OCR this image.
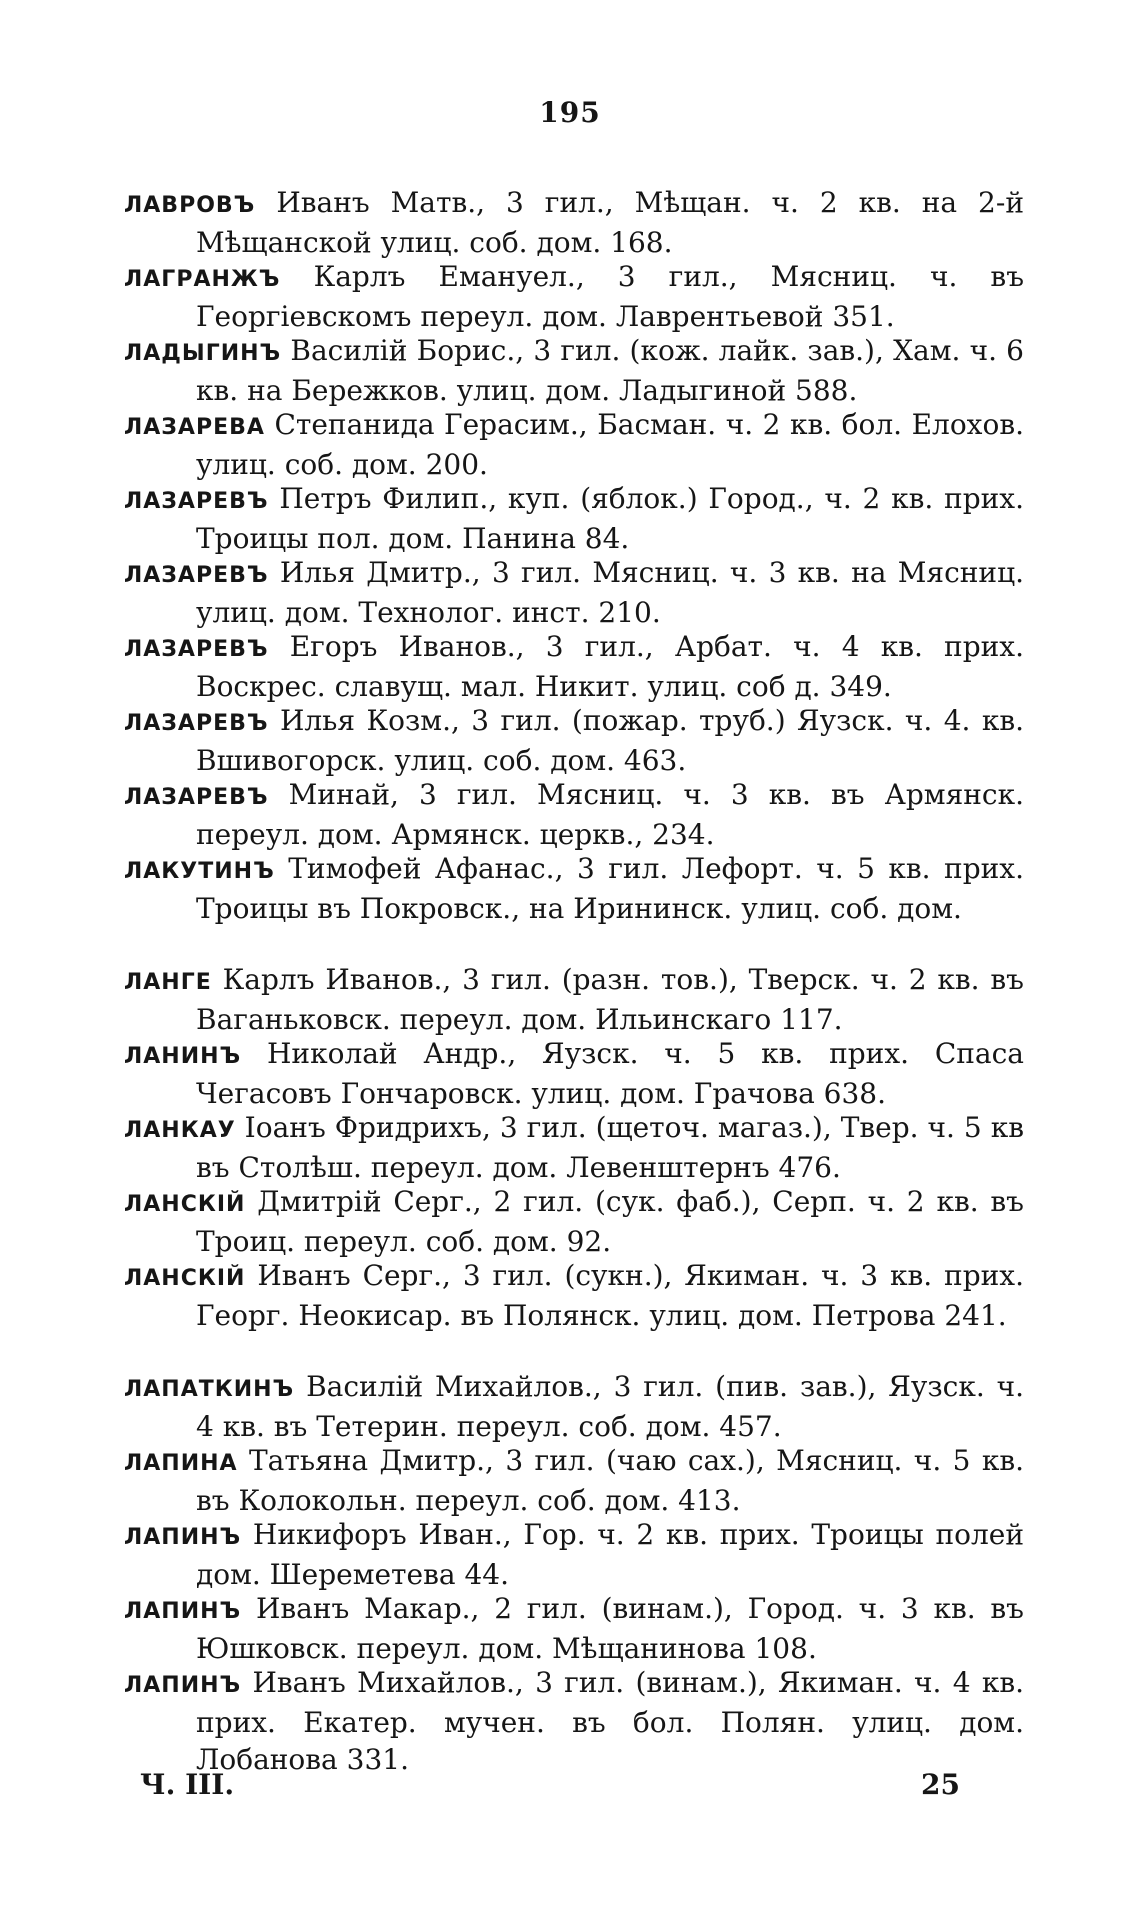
195

ЛАВРОВЪ Иванъ Матв., 3 гил., Мѣщан. ч. 2 кв. на 2-й Мѣщанской улиц. соб. дом. 168.

ЛАГРАНЖЪ Карлъ Емануел., 3 гил., Мясниц. ч. въ Георгіевскомъ переул. дом. Лаврентьевой 351.

ЛАДЫГИНЪ Василій Борис., 3 гил. (кож. лайк. зав.), Хам. ч. 6 кв. на Бережков. улиц. дом. Ладыгиной 588.

ЛАЗАРЕВА Степанида Герасим., Басман. ч. 2 кв. бол. Елохов. улиц. соб. дом. 200.

ЛАЗАРЕВЪ Петръ Филип., куп. (яблок.) Город., ч. 2 кв. прих. Троицы пол. дом. Панина 84.

ЛАЗАРЕВЪ Илья Дмитр., 3 гил. Мясниц. ч. 3 кв. на Мясниц. улиц. дом. Технолог. инст. 210.

ЛАЗАРЕВЪ Егоръ Иванов., 3 гил., Арбат. ч. 4 кв. прих. Воскрес. славущ. мал. Никит. улиц. соб д. 349.

ЛАЗАРЕВЪ Илья Козм., 3 гил. (пожар. труб.) Яузск. ч. 4. кв. Вшивогорск. улиц. соб. дом. 463.

ЛАЗАРЕВЪ Минай, 3 гил. Мясниц. ч. 3 кв. въ Армянск. переул. дом. Армянск. церкв., 234.

ЛАКУТИНЪ Тимофей Афанас., 3 гил. Лефорт. ч. 5 кв. прих. Троицы въ Покровск., на Ирининск. улиц. соб. дом.

ЛАНГЕ Карлъ Иванов., 3 гил. (разн. тов.), Тверск. ч. 2 кв. въ Ваганьковск. переул. дом. Ильинскаго 117.

ЛАНИНЪ Николай Андр., Яузск. ч. 5 кв. прих. Спаса Чегасовъ Гончаровск. улиц. дом. Грачова 638.

ЛАНКАУ Іоанъ Фридрихъ, 3 гил. (щеточ. магаз.), Твер. ч. 5 кв въ Столѣш. переул. дом. Левенштернъ 476.

ЛАНСКІЙ Дмитрій Серг., 2 гил. (сук. фаб.), Серп. ч. 2 кв. въ Троиц. переул. соб. дом. 92.

ЛАНСКІЙ Иванъ Серг., 3 гил. (сукн.), Якиман. ч. 3 кв. прих. Георг. Неокисар. въ Полянск. улиц. дом. Петрова 241.

ЛАПАТКИНЪ Василій Михайлов., 3 гил. (пив. зав.), Яузск. ч. 4 кв. въ Тетерин. переул. соб. дом. 457.

ЛАПИНА Татьяна Дмитр., 3 гил. (чаю сах.), Мясниц. ч. 5 кв. въ Колокольн. переул. соб. дом. 413.

ЛАПИНЪ Никифоръ Иван., Гор. ч. 2 кв. прих. Троицы полей дом. Шереметева 44.

ЛАПИНЪ Иванъ Макар., 2 гил. (винам.), Город. ч. 3 кв. въ Юшковск. переул. дом. Мѣщанинова 108.

ЛАПИНЪ Иванъ Михайлов., 3 гил. (винам.), Якиман. ч. 4 кв. прих. Екатер. мучен. въ бол. Полян. улиц. дом. Лобанова 331.

Ч. III.	25
